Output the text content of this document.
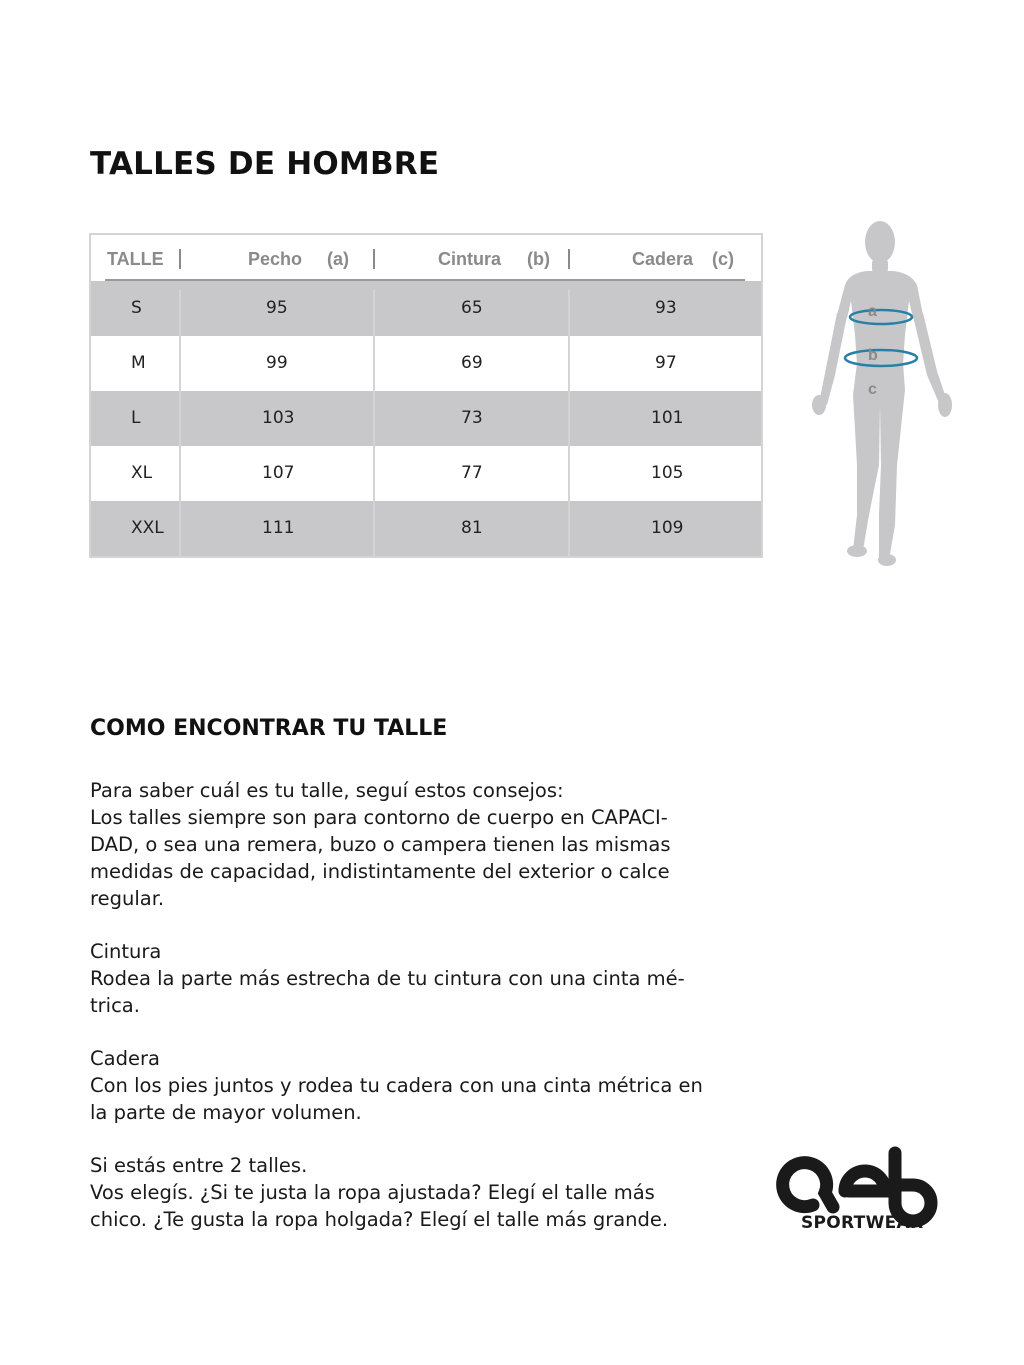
TALLES DE HOMBRE
TALLE	Pecho (a)	Cintura (b)	Cadera (c)
S	95	65	93
M	99	69	97
L	103	73	101
XL	107	77	105
XXL	111	81	109
a
b
c
COMO ENCONTRAR TU TALLE
Para saber cuál es tu talle, seguí estos consejos:
Los talles siempre son para contorno de cuerpo en CAPACI-
DAD, o sea una remera, buzo o campera tienen las mismas
medidas de capacidad, indistintamente del exterior o calce
regular.
Cintura
Rodea la parte más estrecha de tu cintura con una cinta mé-
trica.
Cadera
Con los pies juntos y rodea tu cadera con una cinta métrica en
la parte de mayor volumen.
Si estás entre 2 talles.
Vos elegís. ¿Si te justa la ropa ajustada? Elegí el talle más
chico. ¿Te gusta la ropa holgada? Elegí el talle más grande.	SPORTWEAR
